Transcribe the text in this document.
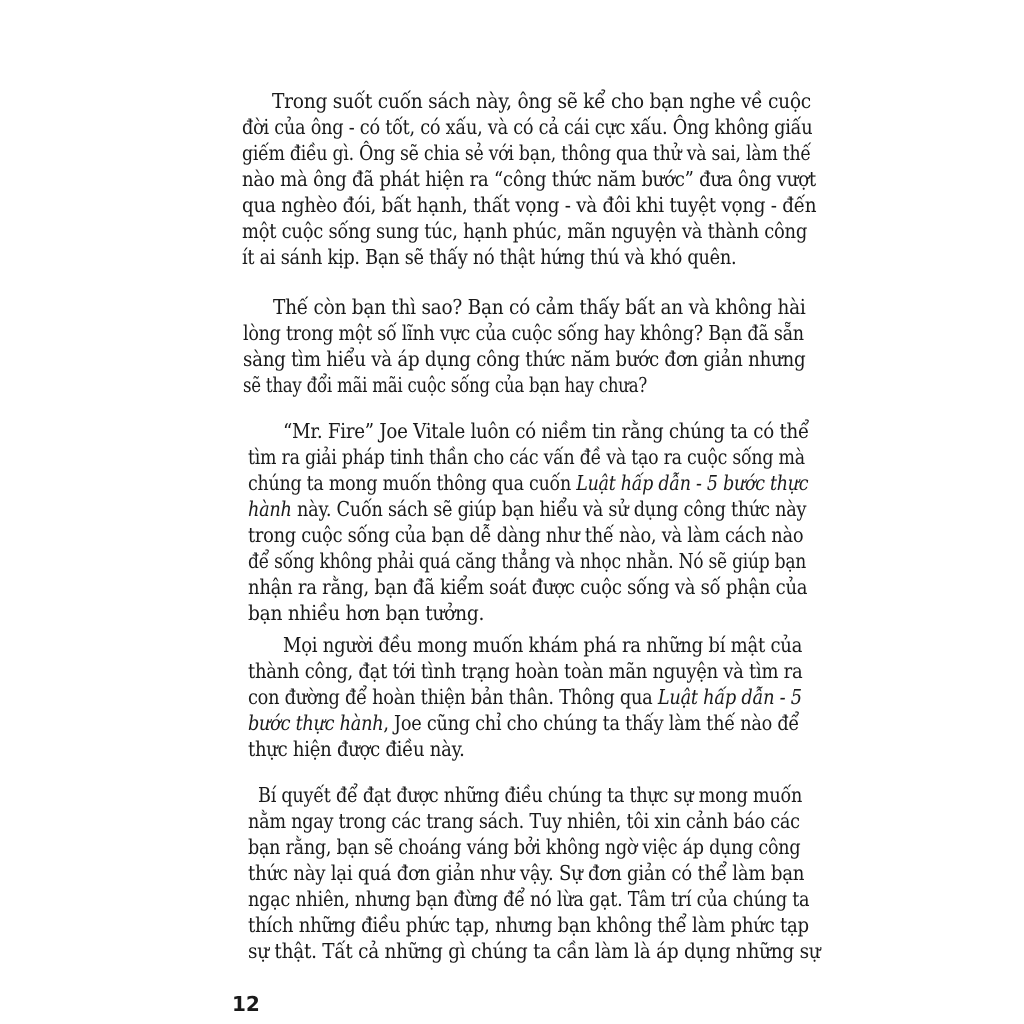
Trong suốt cuốn sách này, ông sẽ kể cho bạn nghe về cuộc

đời của ông - có tốt, có xấu, và có cả cái cực xấu. Ông không giấu

giếm điều gì. Ông sẽ chia sẻ với bạn, thông qua thử và sai, làm thế

nào mà ông đã phát hiện ra “công thức năm bước” đưa ông vượt

qua nghèo đói, bất hạnh, thất vọng - và đôi khi tuyệt vọng - đến

một cuộc sống sung túc, hạnh phúc, mãn nguyện và thành công

ít ai sánh kịp. Bạn sẽ thấy nó thật hứng thú và khó quên.

Thế còn bạn thì sao? Bạn có cảm thấy bất an và không hài

lòng trong một số lĩnh vực của cuộc sống hay không? Bạn đã sẵn

sàng tìm hiểu và áp dụng công thức năm bước đơn giản nhưng

sẽ thay đổi mãi mãi cuộc sống của bạn hay chưa?

“Mr. Fire” Joe Vitale luôn có niềm tin rằng chúng ta có thể

tìm ra giải pháp tinh thần cho các vấn đề và tạo ra cuộc sống mà

chúng ta mong muốn thông qua cuốn Luật hấp dẫn - 5 bước thực

hành này. Cuốn sách sẽ giúp bạn hiểu và sử dụng công thức này

trong cuộc sống của bạn dễ dàng như thế nào, và làm cách nào

để sống không phải quá căng thẳng và nhọc nhằn. Nó sẽ giúp bạn

nhận ra rằng, bạn đã kiểm soát được cuộc sống và số phận của

bạn nhiều hơn bạn tưởng.

Mọi người đều mong muốn khám phá ra những bí mật của

thành công, đạt tới tình trạng hoàn toàn mãn nguyện và tìm ra

con đường để hoàn thiện bản thân. Thông qua Luật hấp dẫn - 5

bước thực hành, Joe cũng chỉ cho chúng ta thấy làm thế nào để

thực hiện được điều này.

Bí quyết để đạt được những điều chúng ta thực sự mong muốn

nằm ngay trong các trang sách. Tuy nhiên, tôi xin cảnh báo các

bạn rằng, bạn sẽ choáng váng bởi không ngờ việc áp dụng công

thức này lại quá đơn giản như vậy. Sự đơn giản có thể làm bạn

ngạc nhiên, nhưng bạn đừng để nó lừa gạt. Tâm trí của chúng ta

thích những điều phức tạp, nhưng bạn không thể làm phức tạp

sự thật. Tất cả những gì chúng ta cần làm là áp dụng những sự

12
